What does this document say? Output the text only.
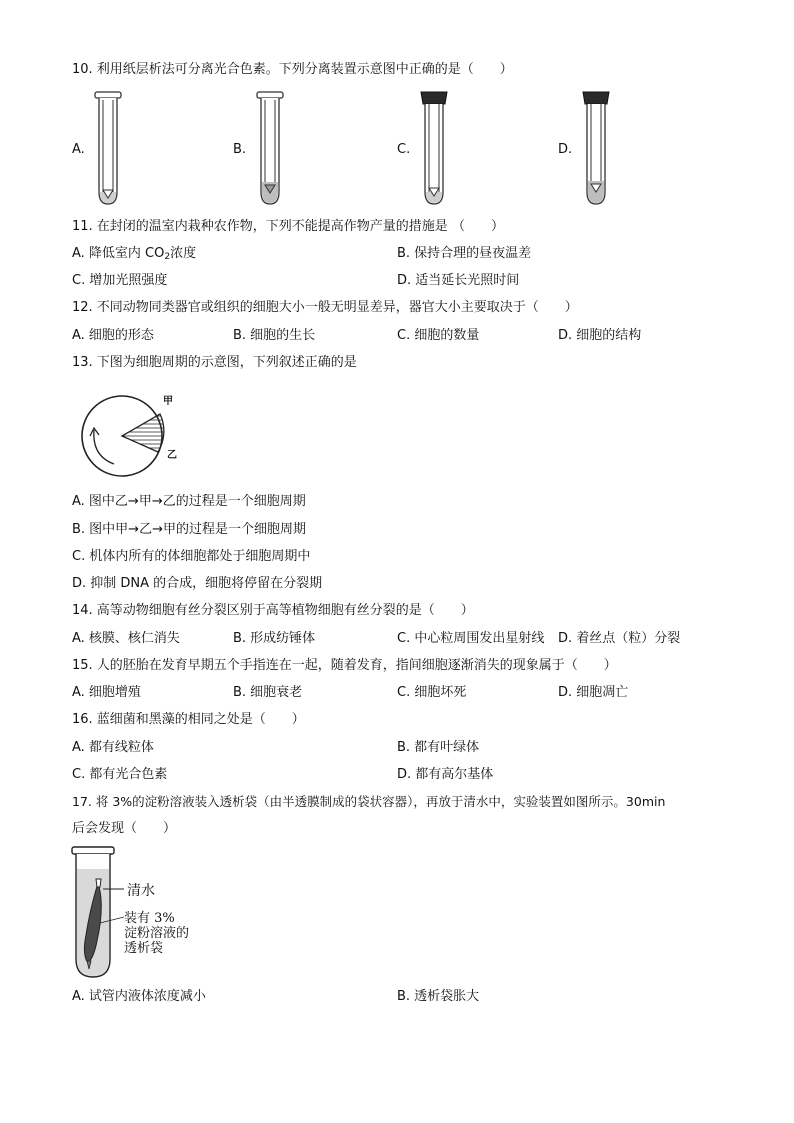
10. 利用纸层析法可分离光合色素。下列分离装置示意图中正确的是（　　）
A.	B.	C.	D.
11. 在封闭的温室内栽种农作物，下列不能提高作物产量的措施是 （　　）
A. 降低室内 $CO_2$浓度	B. 保持合理的昼夜温差
C. 增加光照强度	D. 适当延长光照时间
12. 不同动物同类器官或组织的细胞大小一般无明显差异，器官大小主要取决于（　　）
A. 细胞的形态	B. 细胞的生长	C. 细胞的数量	D. 细胞的结构
13. 下图为细胞周期的示意图，下列叙述正确的是
甲
乙
A. 图中乙→甲→乙的过程是一个细胞周期
B. 图中甲→乙→甲的过程是一个细胞周期
C. 机体内所有的体细胞都处于细胞周期中
D. 抑制 DNA 的合成，细胞将停留在分裂期
14. 高等动物细胞有丝分裂区别于高等植物细胞有丝分裂的是（　　）
A. 核膜、核仁消失	B. 形成纺锤体	C. 中心粒周围发出星射线 D. 着丝点（粒）分裂
15. 人的胚胎在发育早期五个手指连在一起，随着发育，指间细胞逐渐消失的现象属于（　　）
A. 细胞增殖	B. 细胞衰老	C. 细胞坏死	D. 细胞凋亡
16. 蓝细菌和黑藻的相同之处是（　　）
A. 都有线粒体	B. 都有叶绿体
C. 都有光合色素	D. 都有高尔基体
17. 将 3%的淀粉溶液装入透析袋（由半透膜制成的袋状容器），再放于清水中，实验装置如图所示。30min
后会发现（　　）
清水
装有 3%
淀粉溶液的
透析袋
A. 试管内液体浓度减小	B. 透析袋胀大
